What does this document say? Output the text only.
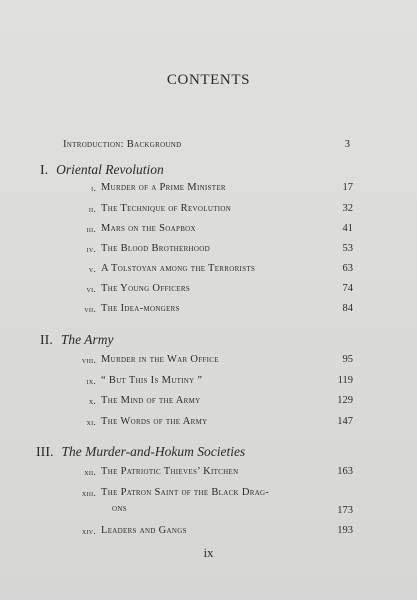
CONTENTS
Introduction: Background	3
I. Oriental Revolution
i. Murder of a Prime Minister	17
ii. The Technique of Revolution	32
iii. Mars on the Soapbox	41
iv. The Blood Brotherhood	53
v. A Tolstoyan among the Terrorists	63
vi. The Young Officers	74
vii. The Idea-mongers	84
II. The Army
viii. Murder in the War Office	95
ix. “ But This Is Mutiny ”	119
x. The Mind of the Army	129
xi. The Words of the Army	147
III. The Murder-and-Hokum Societies
xii. The Patriotic Thieves’ Kitchen	163
xiii. The Patron Saint of the Black Drag-
ons	173
xiv. Leaders and Gangs	193
ix
